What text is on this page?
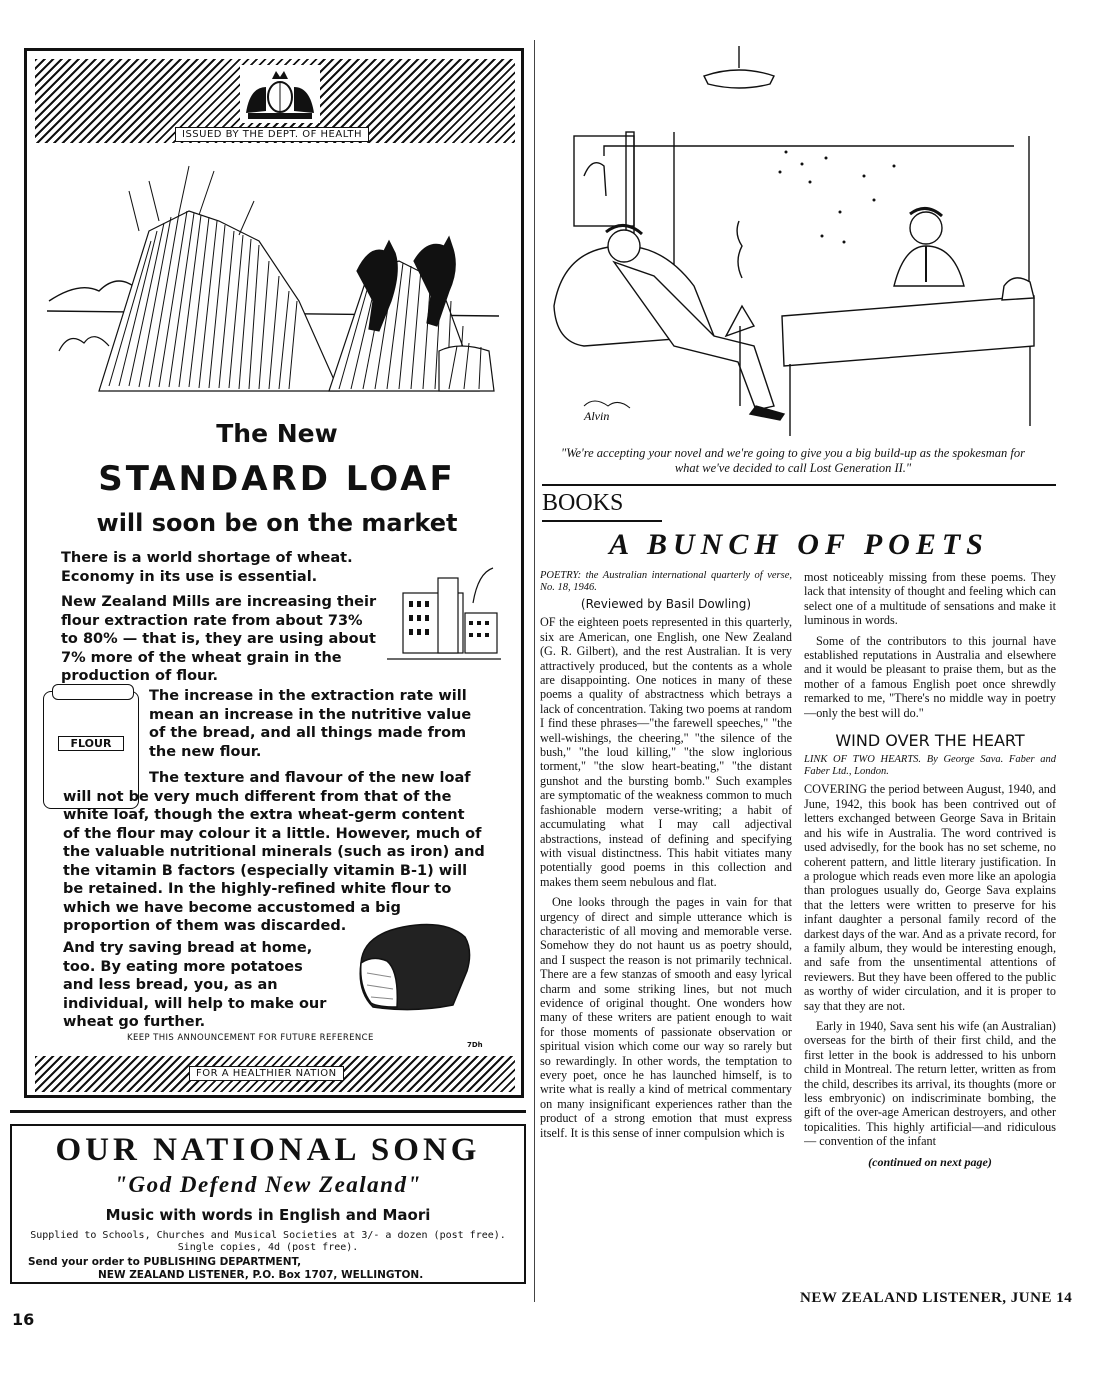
ISSUED BY THE DEPT. OF HEALTH
The New
STANDARD LOAF
will soon be on the market
There is a world shortage of wheat. Economy in its use is essential.
New Zealand Mills are increasing their flour extraction rate from about 73% to 80% — that is, they are using about 7% more of the wheat grain in the production of flour.
FLOUR
The increase in the extraction rate will mean an increase in the nutritive value of the bread, and all things made from the new flour.
The texture and flavour of the new loaf will not be very much different from that of the white loaf, though the extra wheat-germ content of the flour may colour it a little. However, much of the valuable nutritional minerals (such as iron) and the vitamin B factors (especially vitamin B-1) will be retained. In the highly-refined white flour to which we have become accustomed a big proportion of them was discarded.
And try saving bread at home, too. By eating more potatoes and less bread, you, as an individual, will help to make our wheat go further.
KEEP THIS ANNOUNCEMENT FOR FUTURE REFERENCE
7Dh
FOR A HEALTHIER NATION
OUR NATIONAL SONG
"God Defend New Zealand"
Music with words in English and Maori
Supplied to Schools, Churches and Musical Societies at 3/- a dozen (post free).
Single copies, 4d (post free).
Send your order to PUBLISHING DEPARTMENT,
NEW ZEALAND LISTENER, P.O. Box 1707, WELLINGTON.
16
Alvin
"We're accepting your novel and we're going to give you a big build-up as the spokesman for what we've decided to call Lost Generation II."
BOOKS
A BUNCH OF POETS
POETRY: the Australian international quarterly of verse, No. 18, 1946.
(Reviewed by Basil Dowling)

OF the eighteen poets represented in this quarterly, six are American, one English, one New Zealand (G. R. Gilbert), and the rest Australian. It is very attractively produced, but the contents as a whole are disappointing. One notices in many of these poems a quality of abstractness which betrays a lack of concentration. Taking two poems at random I find these phrases—"the farewell speeches," "the well-wishings, the cheering," "the silence of the bush," "the loud killing," "the slow inglorious torment," "the slow heart-beating," "the distant gunshot and the bursting bomb." Such examples are symptomatic of the weakness common to much fashionable modern verse-writing; a habit of accumulating what I may call adjectival abstractions, instead of defining and specifying with visual distinctness. This habit vitiates many potentially good poems in this collection and makes them seem nebulous and flat.

One looks through the pages in vain for that urgency of direct and simple utterance which is characteristic of all moving and memorable verse. Somehow they do not haunt us as poetry should, and I suspect the reason is not primarily technical. There are a few stanzas of smooth and easy lyrical charm and some striking lines, but not much evidence of original thought. One wonders how many of these writers are patient enough to wait for those moments of passionate observation or spiritual vision which come our way so rarely but so rewardingly. In other words, the temptation to every poet, once he has launched himself, is to write what is really a kind of metrical commentary on many insignificant experiences rather than the product of a strong emotion that must express itself. It is this sense of inner compulsion which is

most noticeably missing from these poems. They lack that intensity of thought and feeling which can select one of a multitude of sensations and make it luminous in words.

Some of the contributors to this journal have established reputations in Australia and elsewhere and it would be pleasant to praise them, but as the mother of a famous English poet once shrewdly remarked to me, "There's no middle way in poetry—only the best will do."

WIND OVER THE HEART
LINK OF TWO HEARTS. By George Sava. Faber and Faber Ltd., London.

COVERING the period between August, 1940, and June, 1942, this book has been contrived out of letters exchanged between George Sava in Britain and his wife in Australia. The word contrived is used advisedly, for the book has no set scheme, no coherent pattern, and little literary justification. In a prologue which reads even more like an apologia than prologues usually do, George Sava explains that the letters were written to preserve for his infant daughter a personal family record of the darkest days of the war. And as a private record, for a family album, they would be interesting enough, and safe from the unsentimental attentions of reviewers. But they have been offered to the public as worthy of wider circulation, and it is proper to say that they are not.

Early in 1940, Sava sent his wife (an Australian) overseas for the birth of their first child, and the first letter in the book is addressed to his unborn child in Montreal. The return letter, written as from the child, describes its arrival, its thoughts (more or less embryonic) on indiscriminate bombing, the gift of the over-age American destroyers, and other topicalities. This highly artificial—and ridiculous — convention of the infant

(continued on next page)
NEW ZEALAND LISTENER, JUNE 14
